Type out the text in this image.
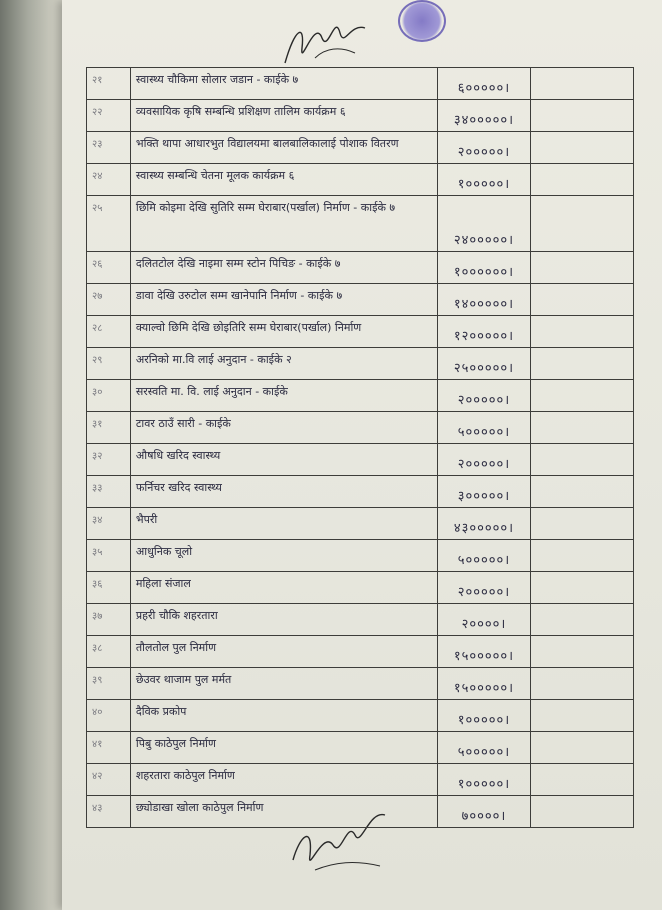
२१	स्वास्थ्य चौकिमा सोलार जडान - काईके ७	६०००००।	
२२	व्यवसायिक कृषि सम्बन्धि प्रशिक्षण तालिम कार्यक्रम ६	३४०००००।	
२३	भक्ति थापा आधारभुत विद्यालयमा बालबालिकालाई पोशाक वितरण	२०००००।	
२४	स्वास्थ्य सम्बन्धि चेतना मूलक कार्यक्रम ६	१०००००।	
२५	छिमि कोइमा देखि सुतिरि सम्म घेराबार(पर्खाल) निर्माण - काईके ७	२४०००००।	
२६	दलितटोल देखि नाइमा सम्म स्टोन पिचिङ - काईके ७	१००००००।	
२७	डावा देखि उरुटोल सम्म खानेपानि निर्माण - काईके ७	१४०००००।	
२८	क्याल्वो छिमि देखि छोइतिरि सम्म घेराबार(पर्खाल) निर्माण	१२०००००।	
२९	अरनिको मा.वि लाई अनुदान - काईके २	२५०००००।	
३०	सरस्वति मा. वि. लाई अनुदान - काईके	२०००००।	
३१	टावर ठाउँ सारी - काईके	५०००००।	
३२	औषधि खरिद स्वास्थ्य	२०००००।	
३३	फर्निचर खरिद स्वास्थ्य	३०००००।	
३४	भैपरी	४३०००००।	
३५	आधुनिक चूलो	५०००००।	
३६	महिला संजाल	२०००००।	
३७	प्रहरी चौकि शहरतारा	२००००।	
३८	तौलतोल पुल निर्माण	१५०००००।	
३९	छेउवर थाजाम पुल मर्मत	१५०००००।	
४०	दैविक प्रकोप	१०००००।	
४१	पिबु काठेपुल निर्माण	५०००००।	
४२	शहरतारा काठेपुल निर्माण	१०००००।	
४३	छ्योडाखा खोला काठेपुल निर्माण	७००००।	
